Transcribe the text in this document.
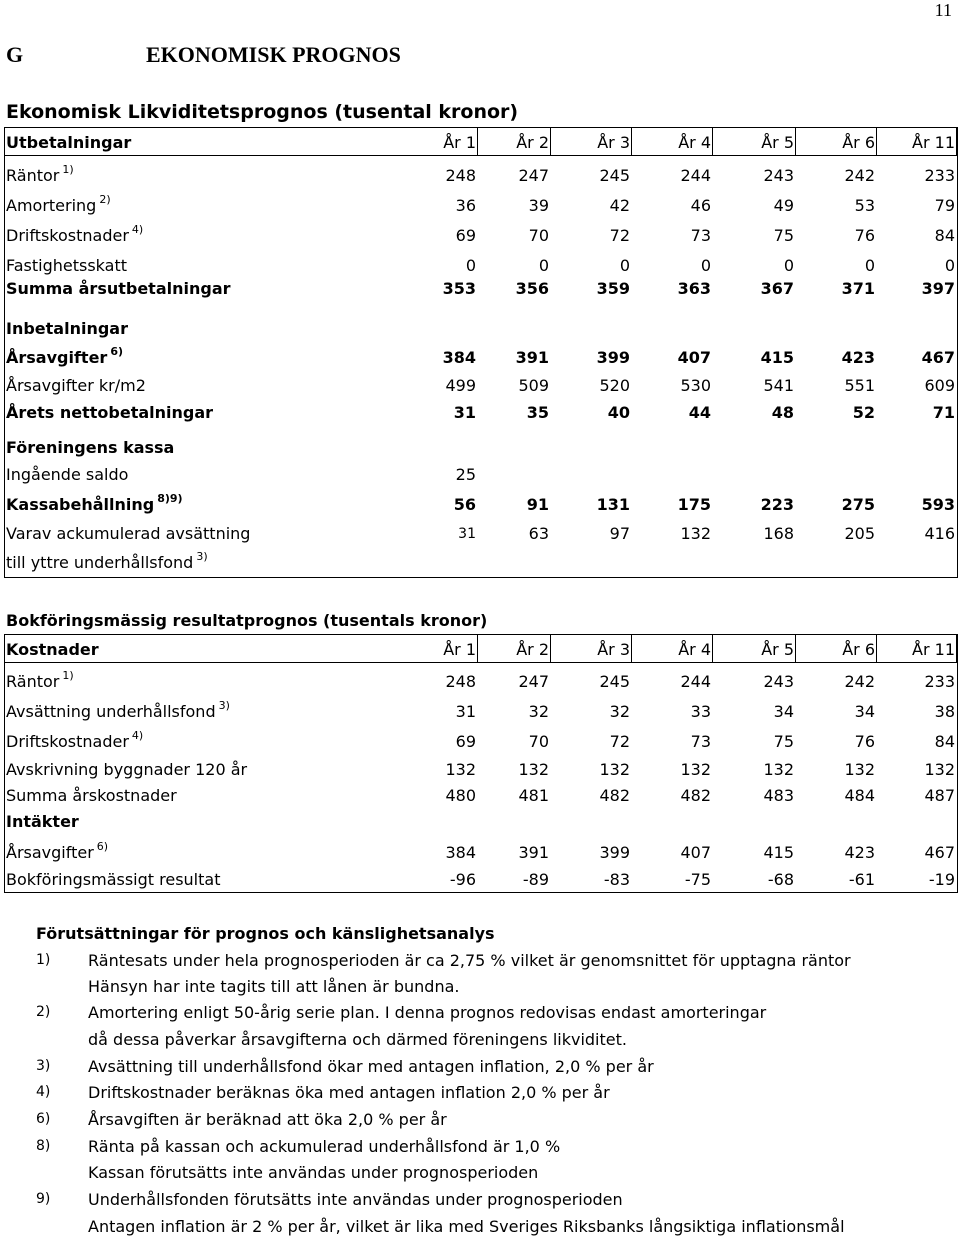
11
G	EKONOMISK PROGNOS
Ekonomisk Likviditetsprognos (tusental kronor)
Utbetalningar	År 1	År 2	År 3	År 4	År 5	År 6 År 11
Räntor $^{1)}$	248	247	245	244	243	242	233
Amortering $^{2)}$	36	39	42	46	49	53	79
Driftskostnader $^{4)}$	69	70	72	73	75	76	84
Fastighetsskatt	0	0	0	0	0	0	0
Summa årsutbetalningar	353 356	359	363	367	371	397
Inbetalningar
Årsavgifter $^{6)}$	384 391	399	407	415	423	467
Årsavgifter kr/m2	499	509	520	530	541	551	609
Årets nettobetalningar	31	35	40	44	48	52	71
Föreningens kassa
Ingående saldo	25
Kassabehållning $^{8)9)}$	56	91	131	175	223	275	593
Varav ackumulerad avsättning	31	63	97	132	168	205	416
till yttre underhållsfond $^{3)}$
Bokföringsmässig resultatprognos (tusentals kronor)
Kostnader	År 1	År 2	År 3	År 4	År 5	År 6 År 11
Räntor $^{1)}$	248	247	245	244	243	242	233
Avsättning underhållsfond $^{3)}$	31	32	32	33	34	34	38
Driftskostnader $^{4)}$	69	70	72	73	75	76	84
Avskrivning byggnader 120 år	132	132	132	132	132	132	132
Summa årskostnader	480	481	482	482	483	484	487
Intäkter
Årsavgifter $^{6)}$	384	391	399	407	415	423	467
Bokföringsmässigt resultat	-96	-89	-83	-75	-68	-61	-19
Förutsättningar för prognos och känslighetsanalys
1) Räntesats under hela prognosperioden är ca 2,75 % vilket är genomsnittet för upptagna räntor
Hänsyn har inte tagits till att lånen är bundna.
2) Amortering enligt 50-årig serie plan. I denna prognos redovisas endast amorteringar
då dessa påverkar årsavgifterna och därmed föreningens likviditet.
3) Avsättning till underhållsfond ökar med antagen inflation, 2,0 % per år
4) Driftskostnader beräknas öka med antagen inflation 2,0 % per år
6) Årsavgiften är beräknad att öka 2,0 % per år
8) Ränta på kassan och ackumulerad underhållsfond är 1,0 %
Kassan förutsätts inte användas under prognosperioden
9) Underhållsfonden förutsätts inte användas under prognosperioden
Antagen inflation är 2 % per år, vilket är lika med Sveriges Riksbanks långsiktiga inflationsmål
